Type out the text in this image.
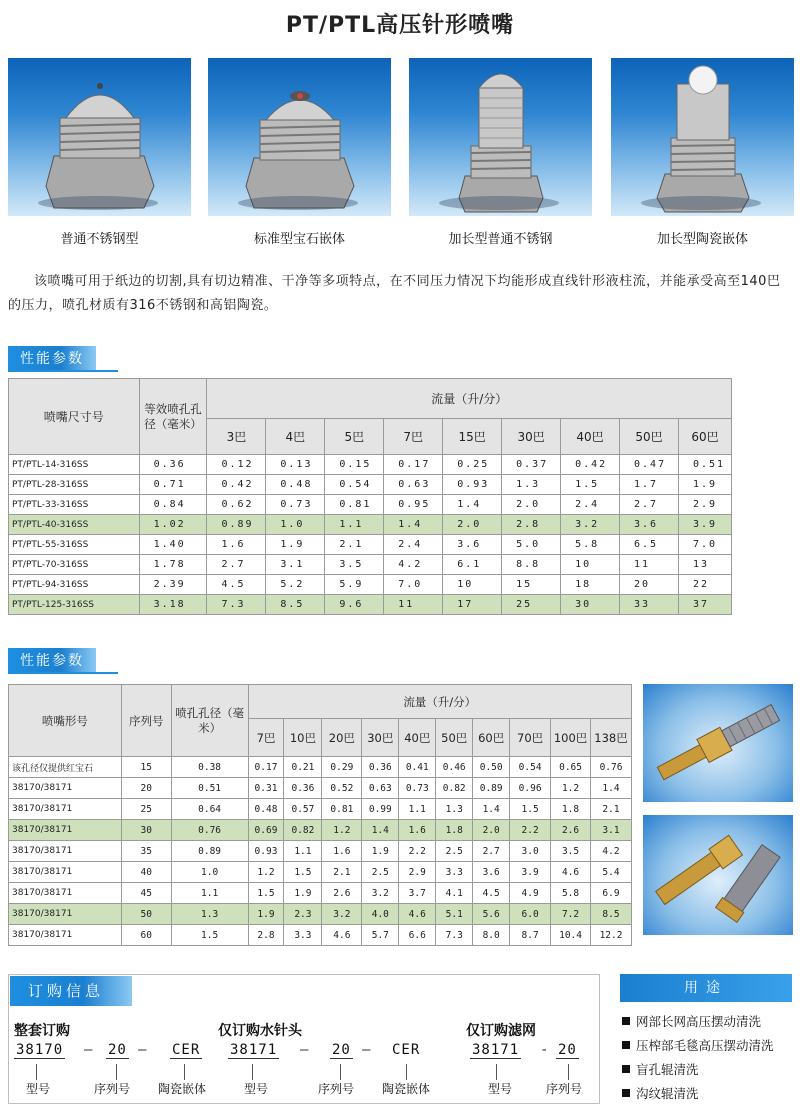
PT/PTL高压针形喷嘴
普通不锈钢型	标准型宝石嵌体	加长型普通不锈钢	加长型陶瓷嵌体
该喷嘴可用于纸边的切割,具有切边精准、干净等多项特点，在不同压力情况下均能形成直线针形液柱流，并能承受高至140巴的压力，喷孔材质有316不锈钢和高铝陶瓷。
性能参数
喷嘴尺寸号	等效喷孔孔径（毫米）	流量（升/分）								
		3巴	4巴	5巴	7巴	15巴	30巴	40巴	50巴	60巴
PT/PTL-14-316SS	0.36	0.12	0.13	0.15	0.17	0.25	0.37	0.42	0.47	0.51
PT/PTL-28-316SS	0.71	0.42	0.48	0.54	0.63	0.93	1.3	1.5	1.7	1.9
PT/PTL-33-316SS	0.84	0.62	0.73	0.81	0.95	1.4	2.0	2.4	2.7	2.9
PT/PTL-40-316SS	1.02	0.89	1.0	1.1	1.4	2.0	2.8	3.2	3.6	3.9
PT/PTL-55-316SS	1.40	1.6	1.9	2.1	2.4	3.6	5.0	5.8	6.5	7.0
PT/PTL-70-316SS	1.78	2.7	3.1	3.5	4.2	6.1	8.8	10	11	13
PT/PTL-94-316SS	2.39	4.5	5.2	5.9	7.0	10	15	18	20	22
PT/PTL-125-316SS	3.18	7.3	8.5	9.6	11	17	25	30	33	37
性能参数
喷嘴形号	序列号	喷孔孔径（毫米）	流量（升/分）									
			7巴	10巴	20巴	30巴	40巴	50巴	60巴	70巴	100巴	138巴
该孔径仅提供红宝石	15	0.38	0.17	0.21	0.29	0.36	0.41	0.46	0.50	0.54	0.65	0.76
38170/38171	20	0.51	0.31	0.36	0.52	0.63	0.73	0.82	0.89	0.96	1.2	1.4
38170/38171	25	0.64	0.48	0.57	0.81	0.99	1.1	1.3	1.4	1.5	1.8	2.1
38170/38171	30	0.76	0.69	0.82	1.2	1.4	1.6	1.8	2.0	2.2	2.6	3.1
38170/38171	35	0.89	0.93	1.1	1.6	1.9	2.2	2.5	2.7	3.0	3.5	4.2
38170/38171	40	1.0	1.2	1.5	2.1	2.5	2.9	3.3	3.6	3.9	4.6	5.4
38170/38171	45	1.1	1.5	1.9	2.6	3.2	3.7	4.1	4.5	4.9	5.8	6.9
38170/38171	50	1.3	1.9	2.3	3.2	4.0	4.6	5.1	5.6	6.0	7.2	8.5
38170/38171	60	1.5	2.8	3.3	4.6	5.7	6.6	7.3	8.0	8.7	10.4	12.2
订购信息
整套订购
38170 — 20 — CER
型号	序列号 陶瓷嵌体
仅订购水针头
38171 — 20 — CER
型号	序列号 陶瓷嵌体
仅订购滤网
38171 - 20
型号	序列号
用途
网部长网高压摆动清洗
压榨部毛毯高压摆动清洗
盲孔辊清洗
沟纹辊清洗
